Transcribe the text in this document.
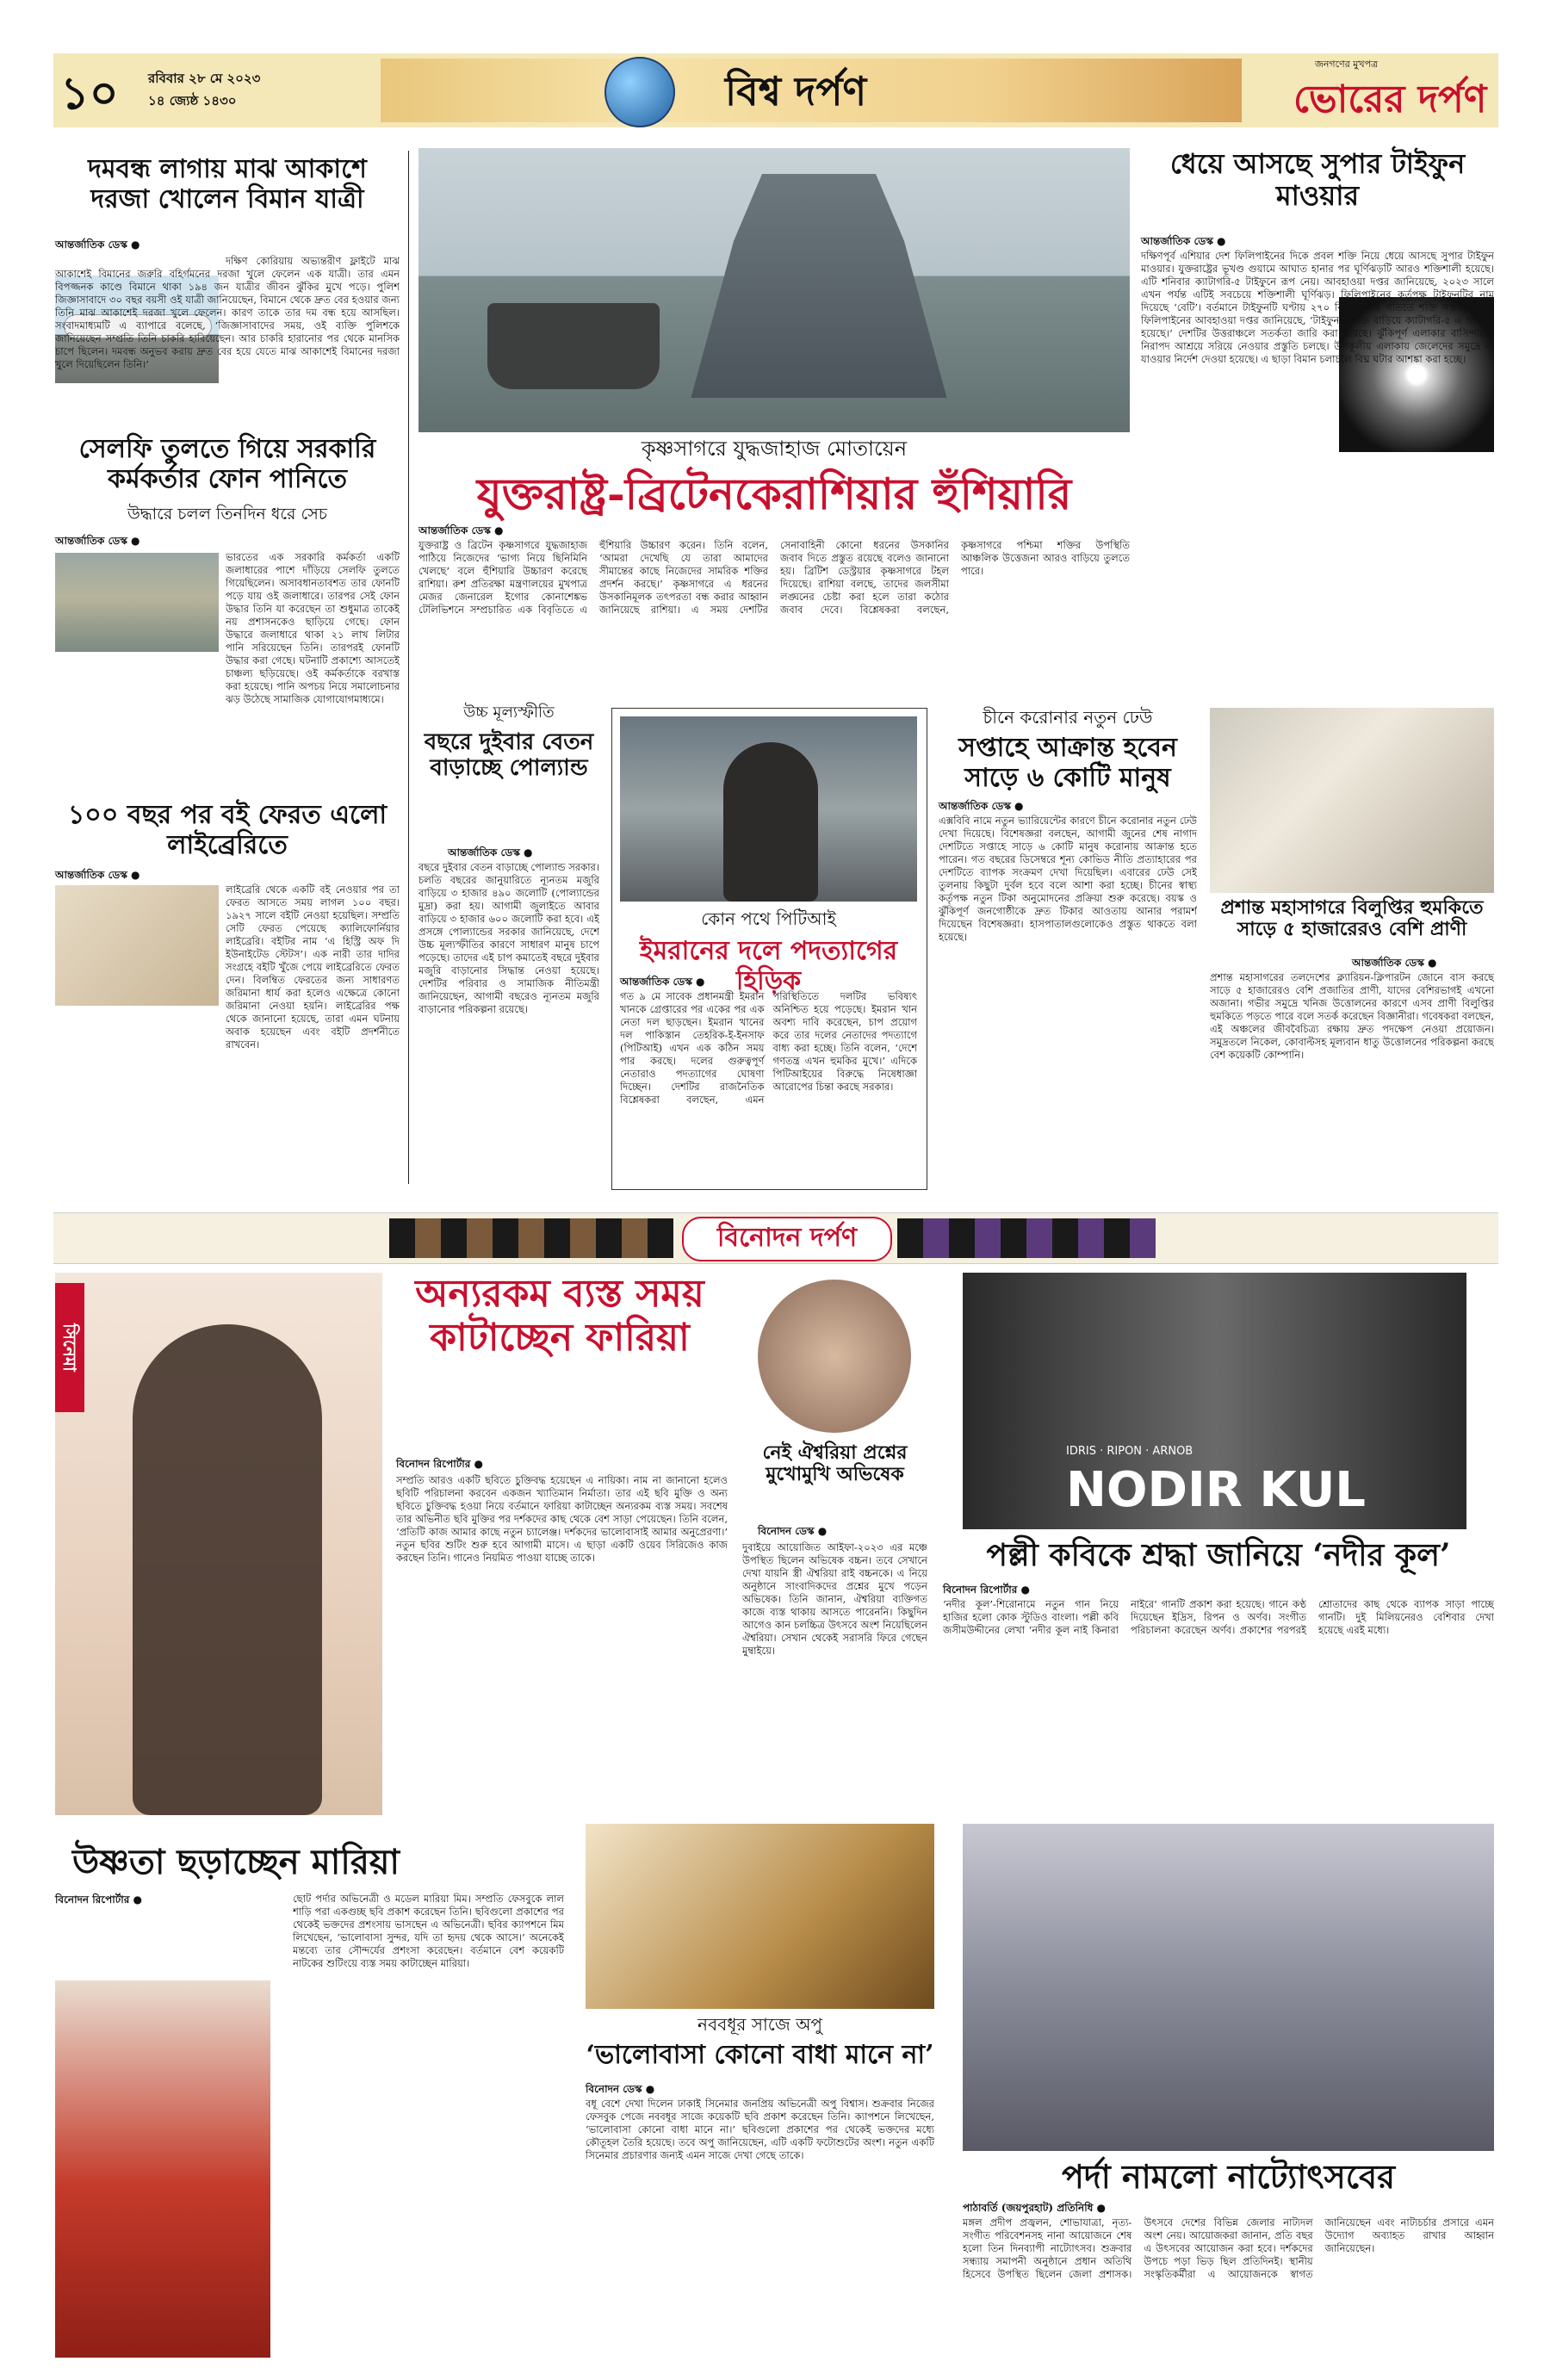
১০ রবিবার ২৮ মে ২০২৩
১৪ জ্যেষ্ঠ ১৪৩০	বিশ্ব দর্পণ
জনগণের মুখপত্র
ভোরের দর্পণ
দমবন্ধ লাগায় মাঝ আকাশে দরজা খোলেন বিমান যাত্রী
আন্তর্জাতিক ডেস্ক ●
দক্ষিণ কোরিয়ায় অভ্যন্তরীণ ফ্লাইটে মাঝ আকাশেই বিমানের জরুরি বহির্গমনের দরজা খুলে ফেলেন এক যাত্রী। তার এমন বিপজ্জনক কাণ্ডে বিমানে থাকা ১৯৪ জন যাত্রীর জীবন ঝুঁকির মুখে পড়ে। পুলিশ জিজ্ঞাসাবাদে ৩০ বছর বয়সী ওই যাত্রী জানিয়েছেন, বিমানে থেকে দ্রুত বের হওয়ার জন্য তিনি মাঝ আকাশেই দরজা খুলে ফেলেন। কারণ তাকে তার দম বন্ধ হয়ে আসছিল। সংবাদমাধ্যমটি এ ব্যাপারে বলেছে, ‘জিজ্ঞাসাবাদের সময়, ওই ব্যক্তি পুলিশকে জানিয়েছেন সম্প্রতি তিনি চাকরি হারিয়েছেন। আর চাকরি হারানোর পর থেকে মানসিক চাপে ছিলেন। দমবন্ধ অনুভব করায় দ্রুত বের হয়ে যেতে মাঝ আকাশেই বিমানের দরজা খুলে দিয়েছিলেন তিনি।’
সেলফি তুলতে গিয়ে সরকারি কর্মকর্তার ফোন পানিতে
উদ্ধারে চলল তিনদিন ধরে সেচ
আন্তর্জাতিক ডেস্ক ●
ভারতের এক সরকারি কর্মকর্তা একটি জলাধারের পাশে দাঁড়িয়ে সেলফি তুলতে গিয়েছিলেন। অসাবধানতাবশত তার ফোনটি পড়ে যায় ওই জলাধারে। তারপর সেই ফোন উদ্ধার তিনি যা করেছেন তা শুধুমাত্র তাকেই নয় প্রশাসনকেও ছাড়িয়ে গেছে। ফোন উদ্ধারে জলাধারে থাকা ২১ লাখ লিটার পানি সরিয়েছেন তিনি। তারপরই ফোনটি উদ্ধার করা গেছে। ঘটনাটি প্রকাশ্যে আসতেই চাঞ্চল্য ছড়িয়েছে। ওই কর্মকর্তাকে বরখাস্ত করা হয়েছে। পানি অপচয় নিয়ে সমালোচনার ঝড় উঠেছে সামাজিক যোগাযোগমাধ্যমে।
১০০ বছর পর বই ফেরত এলো লাইব্রেরিতে
আন্তর্জাতিক ডেস্ক ●
লাইব্রেরি থেকে একটি বই নেওয়ার পর তা ফেরত আসতে সময় লাগল ১০০ বছর। ১৯২৭ সালে বইটি নেওয়া হয়েছিল। সম্প্রতি সেটি ফেরত পেয়েছে ক্যালিফোর্নিয়ার লাইব্রেরি। বইটির নাম ‘এ হিস্ট্রি অফ দি ইউনাইটেড স্টেটস’। এক নারী তার দাদির সংগ্রহে বইটি খুঁজে পেয়ে লাইব্রেরিতে ফেরত দেন। বিলম্বিত ফেরতের জন্য সাধারণত জরিমানা ধার্য করা হলেও এক্ষেত্রে কোনো জরিমানা নেওয়া হয়নি। লাইব্রেরির পক্ষ থেকে জানানো হয়েছে, তারা এমন ঘটনায় অবাক হয়েছেন এবং বইটি প্রদর্শনীতে রাখবেন।
কৃষ্ণসাগরে যুদ্ধজাহাজ মোতায়েন
যুক্তরাষ্ট্র-ব্রিটেনকেরাশিয়ার হুঁশিয়ারি
আন্তর্জাতিক ডেস্ক ●
যুক্তরাষ্ট্র ও ব্রিটেন কৃষ্ণসাগরে যুদ্ধজাহাজ পাঠিয়ে নিজেদের ‘ভাগ্য নিয়ে ছিনিমিনি খেলছে’ বলে হুঁশিয়ারি উচ্চারণ করেছে রাশিয়া। রুশ প্রতিরক্ষা মন্ত্রণালয়ের মুখপাত্র মেজর জেনারেল ইগোর কোনাশেঙ্কভ টেলিভিশনে সম্প্রচারিত এক বিবৃতিতে এ হুঁশিয়ারি উচ্চারণ করেন। তিনি বলেন, ‘আমরা দেখেছি যে তারা আমাদের সীমান্তের কাছে নিজেদের সামরিক শক্তির প্রদর্শন করছে।’ কৃষ্ণসাগরে এ ধরনের উসকানিমূলক তৎপরতা বন্ধ করার আহ্বান জানিয়েছে রাশিয়া। এ সময় দেশটির সেনাবাহিনী কোনো ধরনের উসকানির জবাব দিতে প্রস্তুত রয়েছে বলেও জানানো হয়। ব্রিটিশ ডেস্ট্রয়ার কৃষ্ণসাগরে টহল দিয়েছে। রাশিয়া বলছে, তাদের জলসীমা লঙ্ঘনের চেষ্টা করা হলে তারা কঠোর জবাব দেবে। বিশ্লেষকরা বলছেন, কৃষ্ণসাগরে পশ্চিমা শক্তির উপস্থিতি আঞ্চলিক উত্তেজনা আরও বাড়িয়ে তুলতে পারে।
ধেয়ে আসছে সুপার টাইফুন মাওয়ার
আন্তর্জাতিক ডেস্ক ●
দক্ষিণপূর্ব এশিয়ার দেশ ফিলিপাইনের দিকে প্রবল শক্তি নিয়ে ধেয়ে আসছে সুপার টাইফুন মাওয়ার। যুক্তরাষ্ট্রের ভূখণ্ড গুয়ামে আঘাত হানার পর ঘূর্ণিঝড়টি আরও শক্তিশালী হয়েছে। এটি শনিবার ক্যাটাগরি-৫ টাইফুনে রূপ নেয়। আবহাওয়া দপ্তর জানিয়েছে, ২০২৩ সালে এখন পর্যন্ত এটিই সবচেয়ে শক্তিশালী ঘূর্ণিঝড়। ফিলিপাইনের কর্তৃপক্ষ টাইফুনটির নাম দিয়েছে ‘বেটি’। বর্তমানে টাইফুনটি ঘণ্টায় ২৭০ কিলোমিটার গতিতে শক্তি সঞ্চয় করছে। ফিলিপাইনের আবহাওয়া দপ্তর জানিয়েছে, ‘টাইফুনটি শক্তি বাড়িয়ে ক্যাটাগরি-৫ এ পরিণত হয়েছে।’ দেশটির উত্তরাঞ্চলে সতর্কতা জারি করা হয়েছে। ঝুঁকিপূর্ণ এলাকার বাসিন্দাদের নিরাপদ আশ্রয়ে সরিয়ে নেওয়ার প্রস্তুতি চলছে। উপকূলীয় এলাকায় জেলেদের সমুদ্রে না যাওয়ার নির্দেশ দেওয়া হয়েছে। এ ছাড়া বিমান চলাচলে বিঘ্ন ঘটার আশঙ্কা করা হচ্ছে।
উচ্চ মূল্যস্ফীতি
বছরে দুইবার বেতন বাড়াচ্ছে পোল্যান্ড
আন্তর্জাতিক ডেস্ক ●
বছরে দুইবার বেতন বাড়াচ্ছে পোল্যান্ড সরকার। চলতি বছরের জানুয়ারিতে ন্যূনতম মজুরি বাড়িয়ে ৩ হাজার ৪৯০ জলোটি (পোল্যান্ডের মুদ্রা) করা হয়। আগামী জুলাইতে আবার বাড়িয়ে ৩ হাজার ৬০০ জলোটি করা হবে। এই প্রসঙ্গে পোল্যান্ডের সরকার জানিয়েছে, দেশে উচ্চ মূল্যস্ফীতির কারণে সাধারণ মানুষ চাপে পড়েছে। তাদের এই চাপ কমাতেই বছরে দুইবার মজুরি বাড়ানোর সিদ্ধান্ত নেওয়া হয়েছে। দেশটির পরিবার ও সামাজিক নীতিমন্ত্রী জানিয়েছেন, আগামী বছরেও ন্যূনতম মজুরি বাড়ানোর পরিকল্পনা রয়েছে।
কোন পথে পিটিআই
ইমরানের দলে পদত্যাগের হিড়িক
আন্তর্জাতিক ডেস্ক ●
গত ৯ মে সাবেক প্রধানমন্ত্রী ইমরান খানকে গ্রেপ্তারের পর একের পর এক নেতা দল ছাড়ছেন। ইমরান খানের দল পাকিস্তান তেহরিক-ই-ইনসাফ (পিটিআই) এখন এক কঠিন সময় পার করছে। দলের গুরুত্বপূর্ণ নেতারাও পদত্যাগের ঘোষণা দিচ্ছেন। দেশটির রাজনৈতিক বিশ্লেষকরা বলছেন, এমন পরিস্থিতিতে দলটির ভবিষ্যৎ অনিশ্চিত হয়ে পড়েছে। ইমরান খান অবশ্য দাবি করেছেন, চাপ প্রয়োগ করে তার দলের নেতাদের পদত্যাগে বাধ্য করা হচ্ছে। তিনি বলেন, ‘দেশে গণতন্ত্র এখন হুমকির মুখে।’ এদিকে পিটিআইয়ের বিরুদ্ধে নিষেধাজ্ঞা আরোপের চিন্তা করছে সরকার।
চীনে করোনার নতুন ঢেউ
সপ্তাহে আক্রান্ত হবেন সাড়ে ৬ কোটি মানুষ
আন্তর্জাতিক ডেস্ক ●
এক্সবিবি নামে নতুন ভ্যারিয়েন্টের কারণে চীনে করোনার নতুন ঢেউ দেখা দিয়েছে। বিশেষজ্ঞরা বলছেন, আগামী জুনের শেষ নাগাদ দেশটিতে সপ্তাহে সাড়ে ৬ কোটি মানুষ করোনায় আক্রান্ত হতে পারেন। গত বছরের ডিসেম্বরে শূন্য কোভিড নীতি প্রত্যাহারের পর দেশটিতে ব্যাপক সংক্রমণ দেখা দিয়েছিল। এবারের ঢেউ সেই তুলনায় কিছুটা দুর্বল হবে বলে আশা করা হচ্ছে। চীনের স্বাস্থ্য কর্তৃপক্ষ নতুন টিকা অনুমোদনের প্রক্রিয়া শুরু করেছে। বয়স্ক ও ঝুঁকিপূর্ণ জনগোষ্ঠীকে দ্রুত টিকার আওতায় আনার পরামর্শ দিয়েছেন বিশেষজ্ঞরা। হাসপাতালগুলোকেও প্রস্তুত থাকতে বলা হয়েছে।
প্রশান্ত মহাসাগরে বিলুপ্তির হুমকিতে সাড়ে ৫ হাজারেরও বেশি প্রাণী
আন্তর্জাতিক ডেস্ক ●
প্রশান্ত মহাসাগরের তলদেশের ক্ল্যারিয়ন-ক্লিপারটন জোনে বাস করছে সাড়ে ৫ হাজারেরও বেশি প্রজাতির প্রাণী, যাদের বেশিরভাগই এখনো অজানা। গভীর সমুদ্রে খনিজ উত্তোলনের কারণে এসব প্রাণী বিলুপ্তির হুমকিতে পড়তে পারে বলে সতর্ক করেছেন বিজ্ঞানীরা। গবেষকরা বলছেন, এই অঞ্চলের জীববৈচিত্র্য রক্ষায় দ্রুত পদক্ষেপ নেওয়া প্রয়োজন। সমুদ্রতলে নিকেল, কোবাল্টসহ মূল্যবান ধাতু উত্তোলনের পরিকল্পনা করছে বেশ কয়েকটি কোম্পানি।
বিনোদন দর্পণ
সিনেমা
অন্যরকম ব্যস্ত সময় কাটাচ্ছেন ফারিয়া
বিনোদন রিপোর্টার ●
সম্প্রতি আরও একটি ছবিতে চুক্তিবদ্ধ হয়েছেন এ নায়িকা। নাম না জানানো হলেও ছবিটি পরিচালনা করবেন একজন খ্যাতিমান নির্মাতা। তার এই ছবি মুক্তি ও অন্য ছবিতে চুক্তিবদ্ধ হওয়া নিয়ে বর্তমানে ফারিয়া কাটাচ্ছেন অন্যরকম ব্যস্ত সময়। সবশেষ তার অভিনীত ছবি মুক্তির পর দর্শকদের কাছ থেকে বেশ সাড়া পেয়েছেন। তিনি বলেন, ‘প্রতিটি কাজ আমার কাছে নতুন চ্যালেঞ্জ। দর্শকদের ভালোবাসাই আমার অনুপ্রেরণা।’ নতুন ছবির শুটিং শুরু হবে আগামী মাসে। এ ছাড়া একটি ওয়েব সিরিজেও কাজ করছেন তিনি। গানেও নিয়মিত পাওয়া যাচ্ছে তাকে।
নেই ঐশ্বরিয়া প্রশ্নের মুখোমুখি অভিষেক
বিনোদন ডেস্ক ●
দুবাইয়ে আয়োজিত আইফা-২০২৩ এর মঞ্চে উপস্থিত ছিলেন অভিষেক বচ্চন। তবে সেখানে দেখা যায়নি স্ত্রী ঐশ্বরিয়া রাই বচ্চনকে। এ নিয়ে অনুষ্ঠানে সাংবাদিকদের প্রশ্নের মুখে পড়েন অভিষেক। তিনি জানান, ঐশ্বরিয়া ব্যক্তিগত কাজে ব্যস্ত থাকায় আসতে পারেননি। কিছুদিন আগেও কান চলচ্চিত্র উৎসবে অংশ নিয়েছিলেন ঐশ্বরিয়া। সেখান থেকেই সরাসরি ফিরে গেছেন মুম্বাইয়ে।
IDRIS · RIPON · ARNOB
NODIR KUL
পল্লী কবিকে শ্রদ্ধা জানিয়ে ‘নদীর কূল’
বিনোদন রিপোর্টার ●
‘নদীর কূল’-শিরোনামে নতুন গান নিয়ে হাজির হলো কোক স্টুডিও বাংলা। পল্লী কবি জসীমউদ্দীনের লেখা ‘নদীর কূল নাই কিনারা নাইরে’ গানটি প্রকাশ করা হয়েছে। গানে কণ্ঠ দিয়েছেন ইদ্রিস, রিপন ও অর্ণব। সংগীত পরিচালনা করেছেন অর্ণব। প্রকাশের পরপরই শ্রোতাদের কাছ থেকে ব্যাপক সাড়া পাচ্ছে গানটি। দুই মিলিয়নেরও বেশিবার দেখা হয়েছে এরই মধ্যে।
উষ্ণতা ছড়াচ্ছেন মারিয়া
বিনোদন রিপোর্টার ●	ছোট পর্দার অভিনেত্রী ও মডেল মারিয়া মিম। সম্প্রতি ফেসবুকে লাল শাড়ি পরা একগুচ্ছ ছবি প্রকাশ করেছেন তিনি। ছবিগুলো প্রকাশের পর থেকেই ভক্তদের প্রশংসায় ভাসছেন এ অভিনেত্রী। ছবির ক্যাপশনে মিম লিখেছেন, ‘ভালোবাসা সুন্দর, যদি তা হৃদয় থেকে আসে।’ অনেকেই মন্তব্যে তার সৌন্দর্যের প্রশংসা করেছেন। বর্তমানে বেশ কয়েকটি নাটকের শুটিংয়ে ব্যস্ত সময় কাটাচ্ছেন মারিয়া।
নববধূর সাজে অপু
‘ভালোবাসা কোনো বাধা মানে না’
বিনোদন ডেস্ক ●
বধূ বেশে দেখা দিলেন ঢাকাই সিনেমার জনপ্রিয় অভিনেত্রী অপু বিশ্বাস। শুক্রবার নিজের ফেসবুক পেজে নববধূর সাজে কয়েকটি ছবি প্রকাশ করেছেন তিনি। ক্যাপশনে লিখেছেন, ‘ভালোবাসা কোনো বাধা মানে না।’ ছবিগুলো প্রকাশের পর থেকেই ভক্তদের মধ্যে কৌতূহল তৈরি হয়েছে। তবে অপু জানিয়েছেন, এটি একটি ফটোশুটের অংশ। নতুন একটি সিনেমার প্রচারণার জন্যই এমন সাজে দেখা গেছে তাকে।
পর্দা নামলো নাট্যোৎসবের
পাঠাবর্তি (জয়পুরহাট) প্রতিনিধি ●
মঙ্গল প্রদীপ প্রজ্বলন, শোভাযাত্রা, নৃত্য-সংগীত পরিবেশনসহ নানা আয়োজনে শেষ হলো তিন দিনব্যাপী নাট্যোৎসব। শুক্রবার সন্ধ্যায় সমাপনী অনুষ্ঠানে প্রধান অতিথি হিসেবে উপস্থিত ছিলেন জেলা প্রশাসক। উৎসবে দেশের বিভিন্ন জেলার নাট্যদল অংশ নেয়। আয়োজকরা জানান, প্রতি বছর এ উৎসবের আয়োজন করা হবে। দর্শকদের উপচে পড়া ভিড় ছিল প্রতিদিনই। স্থানীয় সংস্কৃতিকর্মীরা এ আয়োজনকে স্বাগত জানিয়েছেন এবং নাট্যচর্চার প্রসারে এমন উদ্যোগ অব্যাহত রাখার আহ্বান জানিয়েছেন।
